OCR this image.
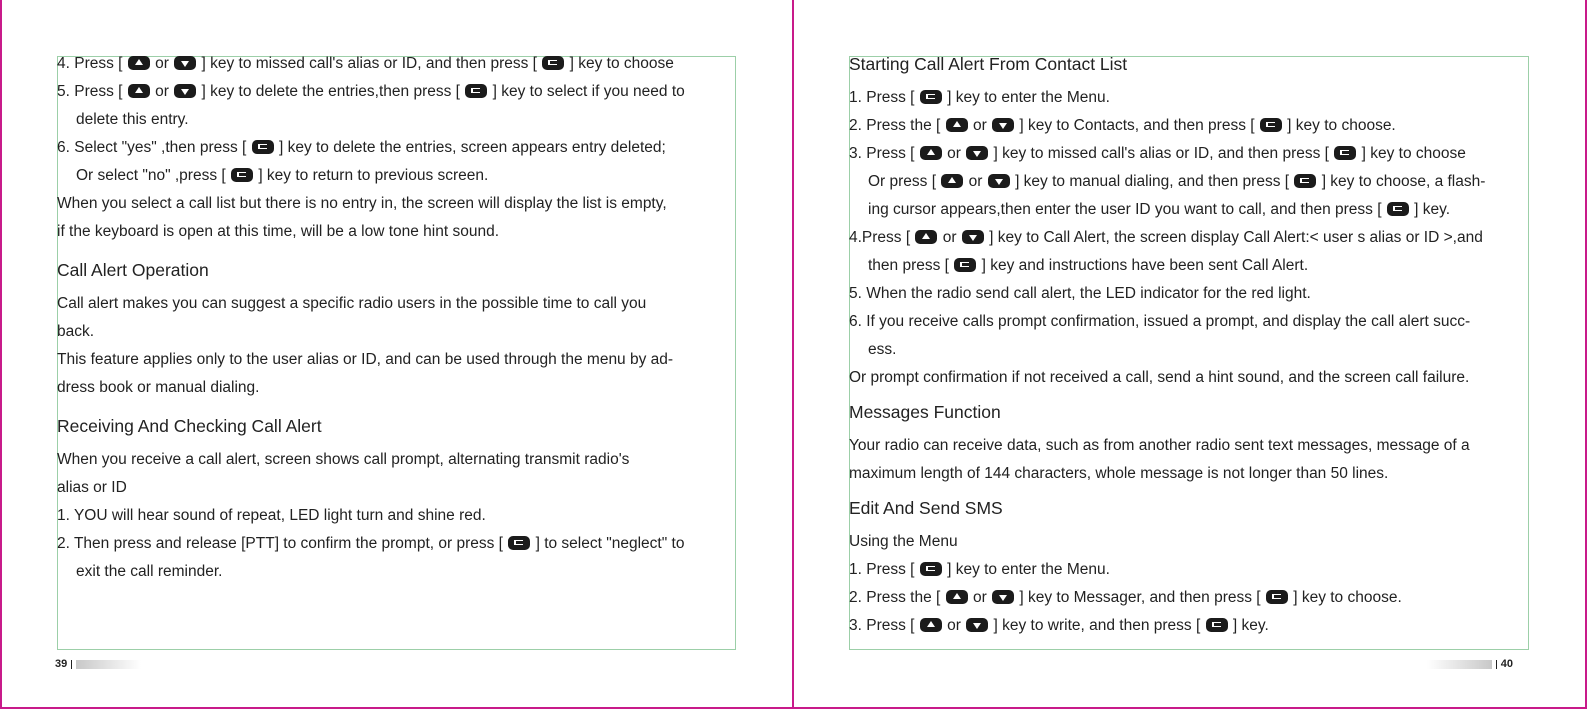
4. Press [  or  ] key to missed call's alias or ID, and then press [  ] key to choose
5. Press [  or  ] key to delete the entries,then press [  ] key to select if you need to
delete this entry.
6. Select "yes" ,then press [  ] key to delete the entries, screen appears entry deleted;
Or select "no" ,press [  ] key to return to previous screen.
When you select a call list but there is no entry in, the screen will display the list is empty,
if the keyboard is open at this time, will be a low tone hint sound.
Call Alert Operation
Call alert makes you can suggest a specific radio users in the possible time to call you
back.
This feature applies only to the user alias or ID, and can be used through the menu by ad-
dress book or manual dialing.
Receiving And Checking Call Alert
When you receive a call alert, screen shows call prompt, alternating transmit radio's
alias or ID
1. YOU will hear sound of repeat, LED light turn and shine red.
2. Then press and release [PTT] to confirm the prompt, or press [  ] to select "neglect" to
exit the call reminder.
Starting Call Alert From Contact List
1. Press [  ] key to enter the Menu.
2. Press the [  or  ] key to Contacts, and then press [  ] key to choose.
3. Press [  or  ] key to missed call's alias or ID, and then press [  ] key to choose
Or press [  or  ] key to manual dialing, and then press [  ] key to choose, a flash-
ing cursor appears,then enter the user ID you want to call, and then press [  ] key.
4.Press [  or  ] key to Call Alert, the screen display Call Alert:< user s alias or ID >,and
then press [  ] key and instructions have been sent Call Alert.
5. When the radio send call alert, the LED indicator for the red light.
6. If you receive calls prompt confirmation, issued a prompt, and display the call alert succ-
ess.
Or prompt confirmation if not received a call, send a hint sound, and the screen call failure.
Messages Function
Your radio can receive data, such as from another radio sent text messages, message of a
maximum length of 144 characters, whole message is not longer than 50 lines.
Edit And Send SMS
Using the Menu
1. Press [  ] key to enter the Menu.
2. Press the [  or  ] key to Messager, and then press [  ] key to choose.
3. Press [  or  ] key to write, and then press [  ] key.
39	40
